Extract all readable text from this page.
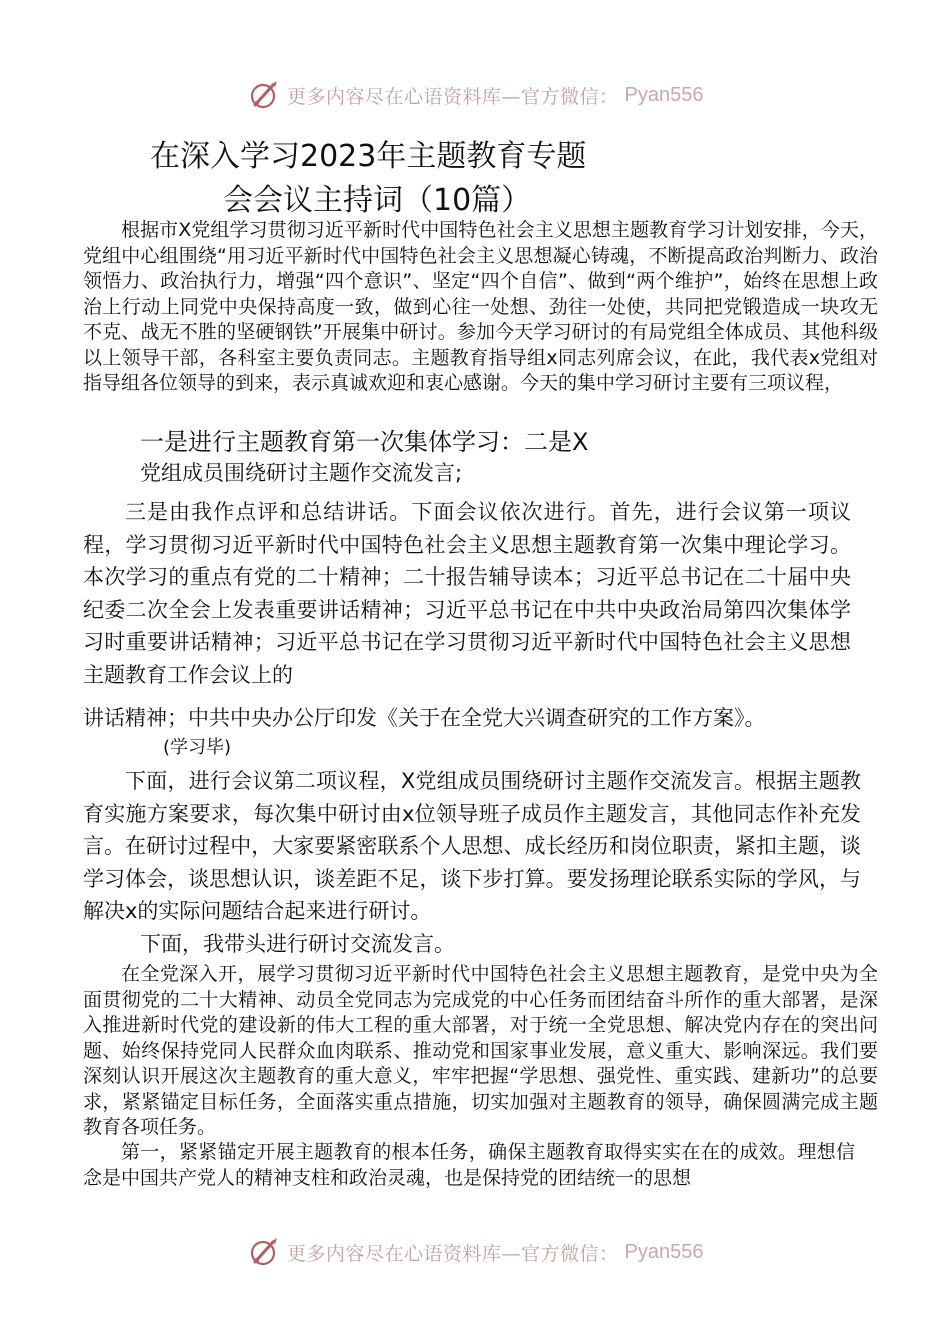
更多内容尽在心语资料库—官方微信： Pyan556
在深入学习2023年主题教育专题
会会议主持词（10篇）

根据市X党组学习贯彻习近平新时代中国特色社会主义思想主题教育学习计划安排，今天，党组中心组围绕“用习近平新时代中国特色社会主义思想凝心铸魂，不断提高政治判断力、政治领悟力、政治执行力，增强“四个意识”、坚定“四个自信”、做到“两个维护”，始终在思想上政治上行动上同党中央保持高度一致，做到心往一处想、劲往一处使，共同把党锻造成一块攻无不克、战无不胜的坚硬钢铁”开展集中研讨。参加今天学习研讨的有局党组全体成员、其他科级以上领导干部，各科室主要负责同志。主题教育指导组x同志列席会议，在此，我代表x党组对指导组各位领导的到来，表示真诚欢迎和衷心感谢。今天的集中学习研讨主要有三项议程，

一是进行主题教育第一次集体学习：二是X

党组成员围绕研讨主题作交流发言;

三是由我作点评和总结讲话。下面会议依次进行。首先，进行会议第一项议程，学习贯彻习近平新时代中国特色社会主义思想主题教育第一次集中理论学习。本次学习的重点有党的二十精神；二十报告辅导读本；习近平总书记在二十届中央纪委二次全会上发表重要讲话精神；习近平总书记在中共中央政治局第四次集体学习时重要讲话精神；习近平总书记在学习贯彻习近平新时代中国特色社会主义思想主题教育工作会议上的

讲话精神；中共中央办公厅印发《关于在全党大兴调查研究的工作方案》。

(学习毕)

下面，进行会议第二项议程，X党组成员围绕研讨主题作交流发言。根据主题教育实施方案要求，每次集中研讨由x位领导班子成员作主题发言，其他同志作补充发言。在研讨过程中，大家要紧密联系个人思想、成长经历和岗位职责，紧扣主题，谈学习体会，谈思想认识，谈差距不足，谈下步打算。要发扬理论联系实际的学风，与解决x的实际问题结合起来进行研讨。

下面，我带头进行研讨交流发言。

在全党深入开，展学习贯彻习近平新时代中国特色社会主义思想主题教育，是党中央为全面贯彻党的二十大精神、动员全党同志为完成党的中心任务而团结奋斗所作的重大部署，是深入推进新时代党的建设新的伟大工程的重大部署，对于统一全党思想、解决党内存在的突出问题、始终保持党同人民群众血肉联系、推动党和国家事业发展，意义重大、影响深远。我们要深刻认识开展这次主题教育的重大意义，牢牢把握“学思想、强党性、重实践、建新功”的总要求，紧紧锚定目标任务，全面落实重点措施，切实加强对主题教育的领导，确保圆满完成主题教育各项任务。

第一，紧紧锚定开展主题教育的根本任务，确保主题教育取得实实在在的成效。理想信念是中国共产党人的精神支柱和政治灵魂，也是保持党的团结统一的思想

更多内容尽在心语资料库—官方微信： Pyan556
